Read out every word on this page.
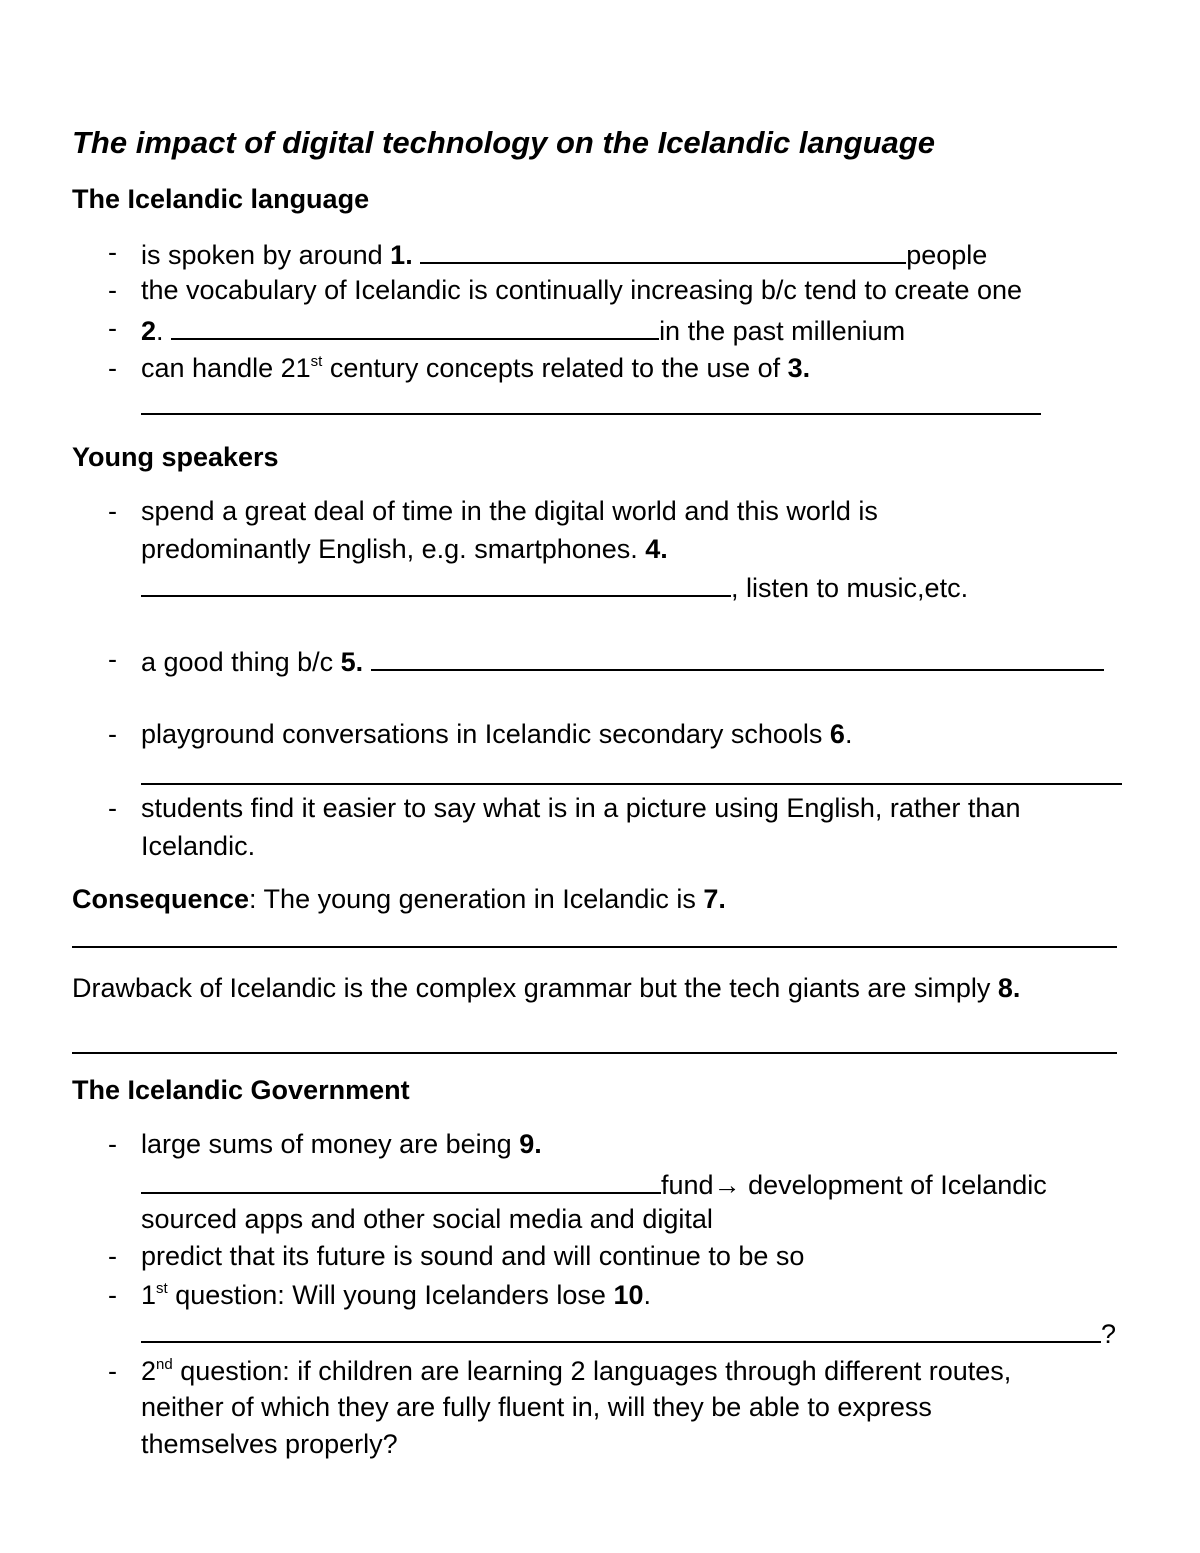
The impact of digital technology on the Icelandic language
The Icelandic language
- is spoken by around 1.	people
- the vocabulary of Icelandic is continually increasing b/c tend to create one
- 2.	in the past millenium
- can handle 21st century concepts related to the use of 3.
Young speakers
- spend a great deal of time in the digital world and this world is
predominantly English, e.g. smartphones. 4.
, listen to music,etc.
- a good thing b/c 5.
- playground conversations in Icelandic secondary schools 6.
- students find it easier to say what is in a picture using English, rather than
Icelandic.
Consequence: The young generation in Icelandic is 7.
Drawback of Icelandic is the complex grammar but the tech giants are simply 8.
The Icelandic Government
- large sums of money are being 9.
fund→ development of Icelandic
sourced apps and other social media and digital
- predict that its future is sound and will continue to be so
- 1st question: Will young Icelanders lose 10.
?
- 2nd question: if children are learning 2 languages through different routes,
neither of which they are fully fluent in, will they be able to express
themselves properly?
